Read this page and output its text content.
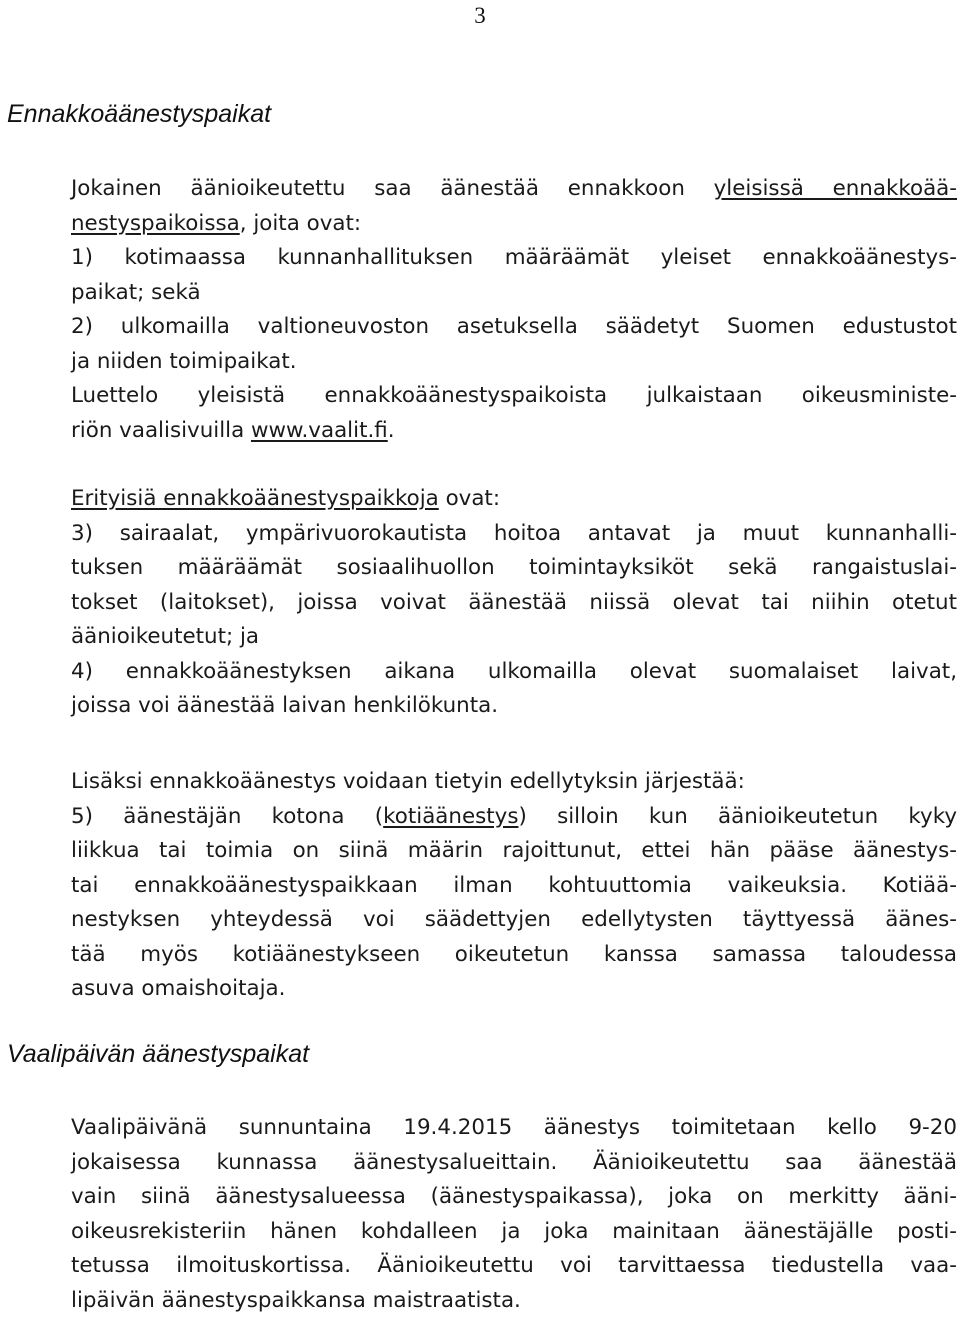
3
Ennakkoäänestyspaikat
Jokainen äänioikeutettu saa äänestää ennakkoon yleisissä ennakkoää-
nestyspaikoissa, joita ovat:
1) kotimaassa kunnanhallituksen määräämät yleiset ennakkoäänestys-
paikat; sekä
2) ulkomailla valtioneuvoston asetuksella säädetyt Suomen edustustot
ja niiden toimipaikat.
Luettelo yleisistä ennakkoäänestyspaikoista julkaistaan oikeusministe-
riön vaalisivuilla www.vaalit.fi.
Erityisiä ennakkoäänestyspaikkoja ovat:
3) sairaalat, ympärivuorokautista hoitoa antavat ja muut kunnanhalli-
tuksen määräämät sosiaalihuollon toimintayksiköt sekä rangaistuslai-
tokset (laitokset), joissa voivat äänestää niissä olevat tai niihin otetut
äänioikeutetut; ja
4) ennakkoäänestyksen aikana ulkomailla olevat suomalaiset laivat,
joissa voi äänestää laivan henkilökunta.
Lisäksi ennakkoäänestys voidaan tietyin edellytyksin järjestää:
5) äänestäjän kotona (kotiäänestys) silloin kun äänioikeutetun kyky
liikkua tai toimia on siinä määrin rajoittunut, ettei hän pääse äänestys-
tai ennakkoäänestyspaikkaan ilman kohtuuttomia vaikeuksia. Kotiää-
nestyksen yhteydessä voi säädettyjen edellytysten täyttyessä äänes-
tää myös kotiäänestykseen oikeutetun kanssa samassa taloudessa
asuva omaishoitaja.
Vaalipäivän äänestyspaikat
Vaalipäivänä sunnuntaina 19.4.2015 äänestys toimitetaan kello 9-20
jokaisessa kunnassa äänestysalueittain. Äänioikeutettu saa äänestää
vain siinä äänestysalueessa (äänestyspaikassa), joka on merkitty ääni-
oikeusrekisteriin hänen kohdalleen ja joka mainitaan äänestäjälle posti-
tetussa ilmoituskortissa. Äänioikeutettu voi tarvittaessa tiedustella vaa-
lipäivän äänestyspaikkansa maistraatista.
